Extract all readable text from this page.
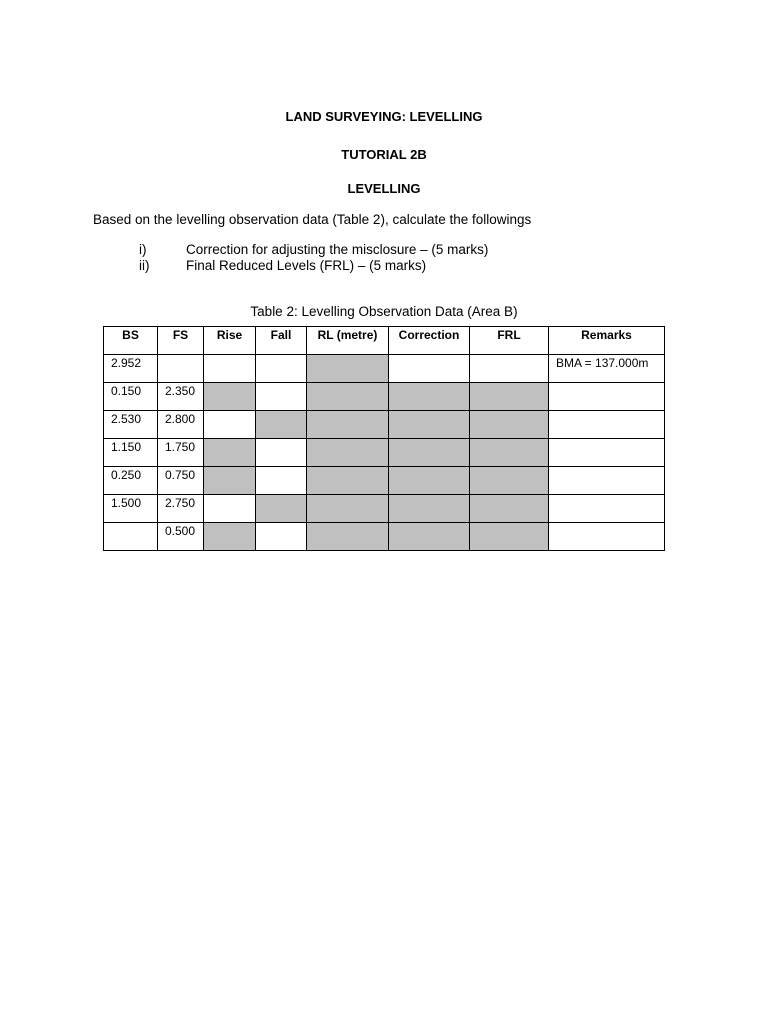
LAND SURVEYING: LEVELLING

TUTORIAL 2B

LEVELLING

Based on the levelling observation data (Table 2), calculate the followings

i)	Correction for adjusting the misclosure – (5 marks)
ii)	Final Reduced Levels (FRL) – (5 marks)

Table 2: Levelling Observation Data (Area B)

BS	FS	Rise	Fall	RL (metre)	Correction	FRL	Remarks
2.952							BMA = 137.000m
0.150	2.350						
2.530	2.800						
1.150	1.750						
0.250	0.750						
1.500	2.750						
	0.500						
